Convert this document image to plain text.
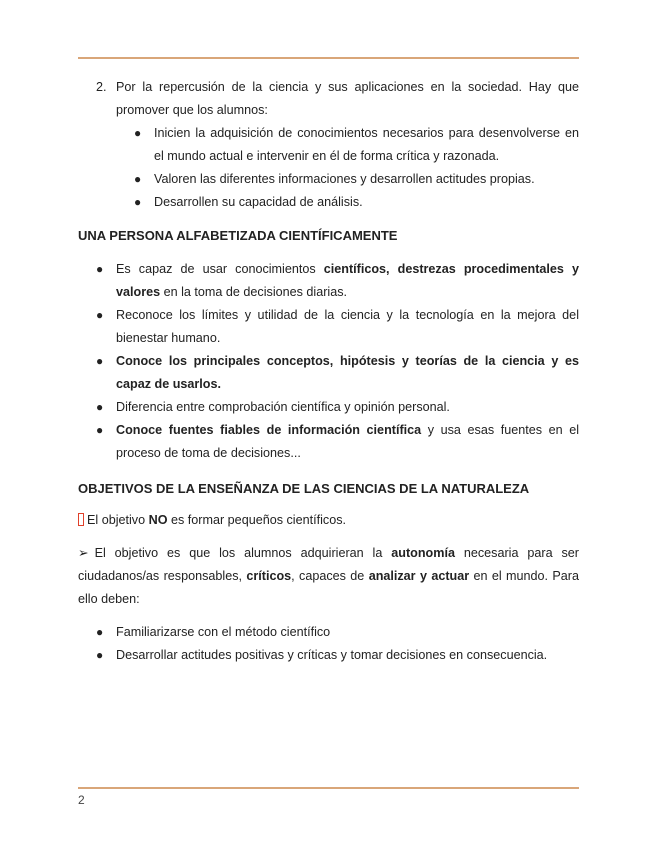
2. Por la repercusión de la ciencia y sus aplicaciones en la sociedad. Hay que promover que los alumnos:

● Inicien la adquisición de conocimientos necesarios para desenvolverse en el mundo actual e intervenir en él de forma crítica y razonada.
● Valoren las diferentes informaciones y desarrollen actitudes propias.
● Desarrollen su capacidad de análisis.
UNA PERSONA ALFABETIZADA CIENTÍFICAMENTE
● Es capaz de usar conocimientos científicos, destrezas procedimentales y valores en la toma de decisiones diarias.
● Reconoce los límites y utilidad de la ciencia y la tecnología en la mejora del bienestar humano.
● Conoce los principales conceptos, hipótesis y teorías de la ciencia y es capaz de usarlos.
● Diferencia entre comprobación científica y opinión personal.
● Conoce fuentes fiables de información científica y usa esas fuentes en el proceso de toma de decisiones...
OBJETIVOS DE LA ENSEÑANZA DE LAS CIENCIAS DE LA NATURALEZA

El objetivo NO es formar pequeños científicos.

➢ El objetivo es que los alumnos adquirieran la autonomía necesaria para ser ciudadanos/as responsables, críticos, capaces de analizar y actuar en el mundo. Para ello deben:

● Familiarizarse con el método científico
● Desarrollar actitudes positivas y críticas y tomar decisiones en consecuencia.
2
